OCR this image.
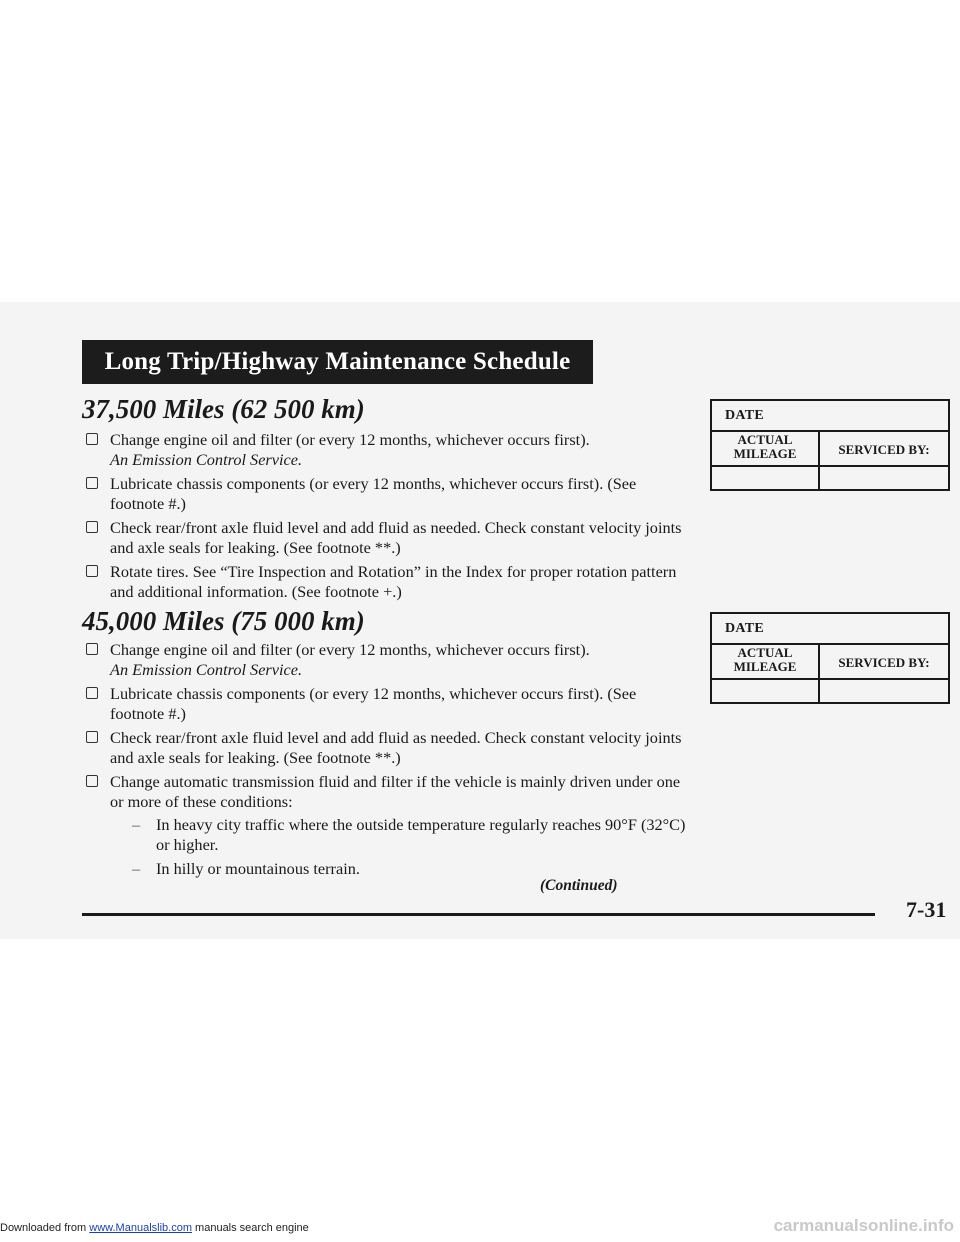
Long Trip/Highway Maintenance Schedule
37,500 Miles (62 500 km)
Change engine oil and filter (or every 12 months, whichever occurs first).
An Emission Control Service.
Lubricate chassis components (or every 12 months, whichever occurs first). (See footnote #.)
Check rear/front axle fluid level and add fluid as needed. Check constant velocity joints and axle seals for leaking. (See footnote **.)
Rotate tires. See “Tire Inspection and Rotation” in the Index for proper rotation pattern and additional information. (See footnote +.)
45,000 Miles (75 000 km)
Change engine oil and filter (or every 12 months, whichever occurs first).
An Emission Control Service.
Lubricate chassis components (or every 12 months, whichever occurs first). (See footnote #.)
Check rear/front axle fluid level and add fluid as needed. Check constant velocity joints and axle seals for leaking. (See footnote **.)
Change automatic transmission fluid and filter if the vehicle is mainly driven under one or more of these conditions:
– In heavy city traffic where the outside temperature regularly reaches 90°F (32°C) or higher.
– In hilly or mountainous terrain.
DATE
ACTUAL
MILEAGE	SERVICED BY:
DATE
ACTUAL
MILEAGE	SERVICED BY:
(Continued)
7-31
Downloaded from www.Manualslib.com manuals search engine	carmanualsonline.info
